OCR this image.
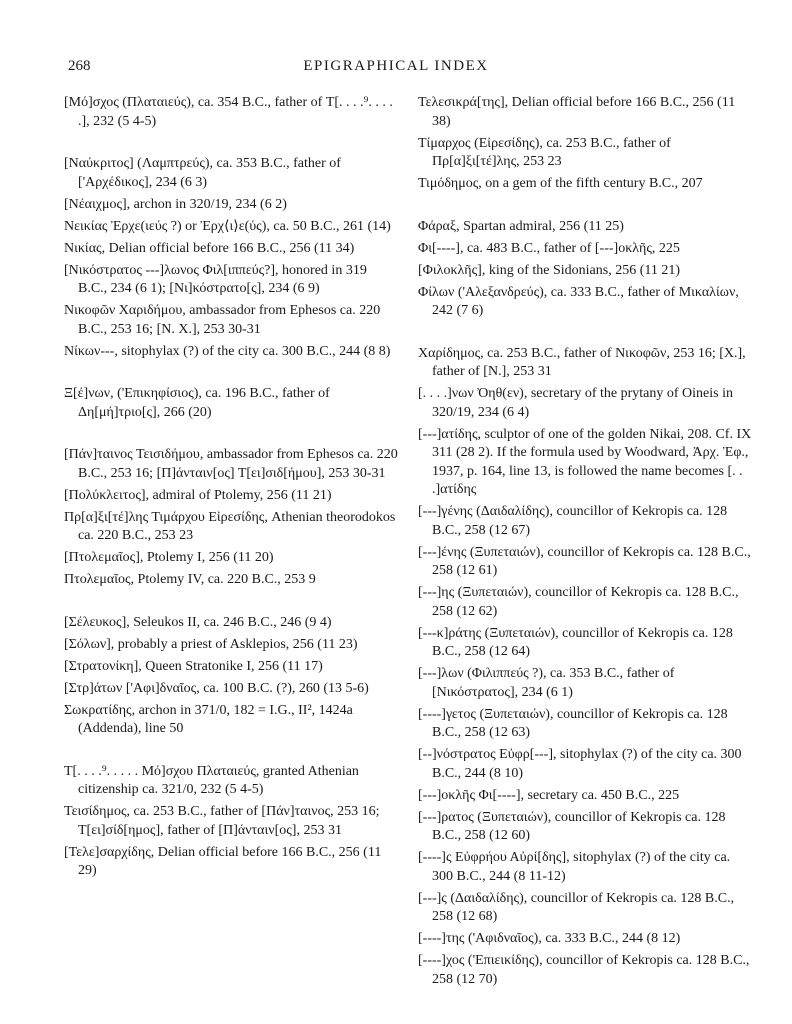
268	EPIGRAPHICAL INDEX

[Μό]σχος (Πλαταιεύς), ca. 354 B.C., father of Τ[. . . .⁹. . . . .], 232 (5 4-5)

[Ναύκριτος] (Λαμπτρεύς), ca. 353 B.C., father of ['Αρχέδικος], 234 (6 3)

[Νέαιχμος], archon in 320/19, 234 (6 2)

Νεικίας Ἐρχε(ιεύς ?) or Ἐρχ⟨ι⟩ε(ύς), ca. 50 B.C., 261 (14)

Νικίας, Delian official before 166 B.C., 256 (11 34)

[Νικόστρατος ---]λωνος Φιλ[ιππεύς?], honored in 319 B.C., 234 (6 1); [Νι]κόστρατο[ς], 234 (6 9)

Νικοφῶν Χαριδήμου, ambassador from Ephesos ca. 220 B.C., 253 16; [N. X.], 253 30-31

Νίκων---, sitophylax (?) of the city ca. 300 B.C., 244 (8 8)

Ξ[έ]νων, ('Επικηφίσιος), ca. 196 B.C., father of Δη[μή]τριο[ς], 266 (20)

[Πάν]ταινος Τεισιδήμου, ambassador from Ephesos ca. 220 B.C., 253 16; [Π]άνταιν[ος] Τ[ει]σιδ[ήμου], 253 30-31

[Πολύκλειτος], admiral of Ptolemy, 256 (11 21)

Πρ[α]ξι[τέ]λης Τιμάρχου Εἰρεσίδης, Athenian theorodokos ca. 220 B.C., 253 23

[Πτολεμαῖος], Ptolemy I, 256 (11 20)

Πτολεμαῖος, Ptolemy IV, ca. 220 B.C., 253 9

[Σέλευκος], Seleukos II, ca. 246 B.C., 246 (9 4)

[Σόλων], probably a priest of Asklepios, 256 (11 23)

[Στρατονίκη], Queen Stratonike I, 256 (11 17)

[Στρ]άτων ['Αφι]δναῖος, ca. 100 B.C. (?), 260 (13 5-6)

Σωκρατίδης, archon in 371/0, 182 = I.G., II², 1424a (Addenda), line 50

Τ[. . . .⁹. . . . . Μό]σχου Πλαταιεύς, granted Athenian citizenship ca. 321/0, 232 (5 4-5)

Τεισίδημος, ca. 253 B.C., father of [Πάν]ταινος, 253 16; Τ[ει]σίδ[ημος], father of [Π]άνταιν[ος], 253 31

[Τελε]σαρχίδης, Delian official before 166 B.C., 256 (11 29)

Τελεσικρά[της], Delian official before 166 B.C., 256 (11 38)

Τίμαρχος (Εἰρεσίδης), ca. 253 B.C., father of Πρ[α]ξι[τέ]λης, 253 23

Τιμόδημος, on a gem of the fifth century B.C., 207

Φάραξ, Spartan admiral, 256 (11 25)

Φι[----], ca. 483 B.C., father of [---]οκλῆς, 225

[Φιλοκλῆς], king of the Sidonians, 256 (11 21)

Φίλων ('Αλεξανδρεύς), ca. 333 B.C., father of Μικαλίων, 242 (7 6)

Χαρίδημος, ca. 253 B.C., father of Νικοφῶν, 253 16; [X.], father of [N.], 253 31

[. . . .]νων Ὀηθ(εν), secretary of the prytany of Oineis in 320/19, 234 (6 4)

[---]ατίδης, sculptor of one of the golden Nikai, 208. Cf. IX 311 (28 2). If the formula used by Woodward, Ἀρχ. Ἐφ., 1937, p. 164, line 13, is followed the name becomes [. . .]ατίδης

[---]γένης (Δαιδαλίδης), councillor of Kekropis ca. 128 B.C., 258 (12 67)

[---]ένης (Ξυπεταιών), councillor of Kekropis ca. 128 B.C., 258 (12 61)

[---]ης (Ξυπεταιών), councillor of Kekropis ca. 128 B.C., 258 (12 62)

[---κ]ράτης (Ξυπεταιών), councillor of Kekropis ca. 128 B.C., 258 (12 64)

[---]λων (Φιλιππεύς ?), ca. 353 B.C., father of [Νικόστρατος], 234 (6 1)

[----]γετος (Ξυπεταιών), councillor of Kekropis ca. 128 B.C., 258 (12 63)

[--]νόστρατος Εὐφρ[---], sitophylax (?) of the city ca. 300 B.C., 244 (8 10)

[---]οκλῆς Φι[----], secretary ca. 450 B.C., 225

[---]ρατος (Ξυπεταιών), councillor of Kekropis ca. 128 B.C., 258 (12 60)

[----]ς Εὐφρήου Αὐρί[δης], sitophylax (?) of the city ca. 300 B.C., 244 (8 11-12)

[---]ς (Δαιδαλίδης), councillor of Kekropis ca. 128 B.C., 258 (12 68)

[----]της ('Αφιδναῖος), ca. 333 B.C., 244 (8 12)

[----]χος ('Επιεικίδης), councillor of Kekropis ca. 128 B.C., 258 (12 70)
